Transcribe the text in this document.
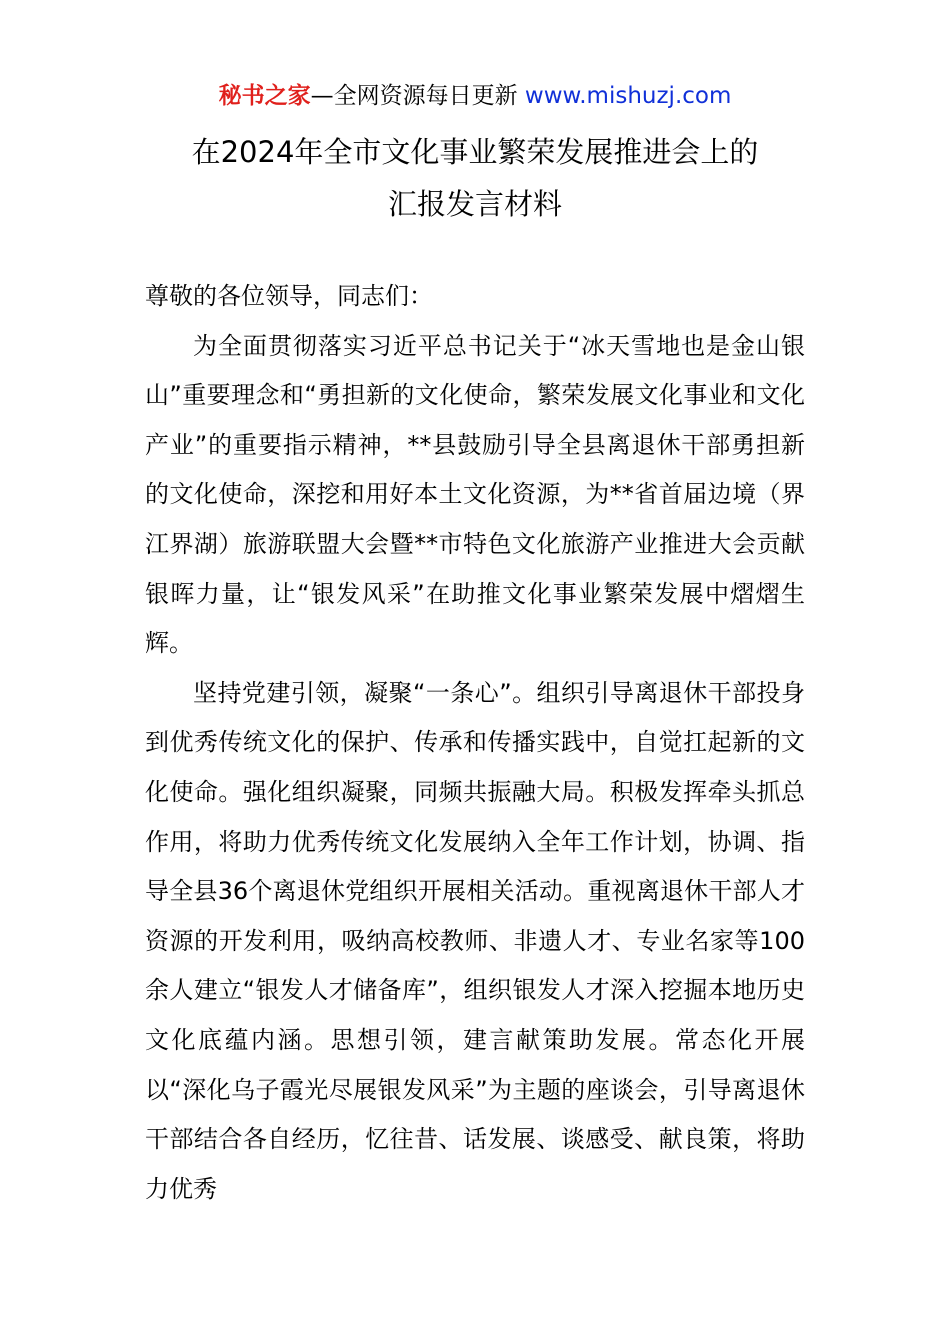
秘书之家—全网资源每日更新 www.mishuzj.com
在2024年全市文化事业繁荣发展推进会上的
汇报发言材料

尊敬的各位领导，同志们：

为全面贯彻落实习近平总书记关于“冰天雪地也是金山银山”重要理念和“勇担新的文化使命，繁荣发展文化事业和文化产业”的重要指示精神，**县鼓励引导全县离退休干部勇担新的文化使命，深挖和用好本土文化资源，为**省首届边境（界江界湖）旅游联盟大会暨**市特色文化旅游产业推进大会贡献银晖力量，让“银发风采”在助推文化事业繁荣发展中熠熠生辉。

坚持党建引领，凝聚“一条心”。组织引导离退休干部投身到优秀传统文化的保护、传承和传播实践中，自觉扛起新的文化使命。强化组织凝聚，同频共振融大局。积极发挥牵头抓总作用，将助力优秀传统文化发展纳入全年工作计划，协调、指导全县36个离退休党组织开展相关活动。重视离退休干部人才资源的开发利用，吸纳高校教师、非遗人才、专业名家等100余人建立“银发人才储备库”，组织银发人才深入挖掘本地历史文化底蕴内涵。思想引领，建言献策助发展。常态化开展以“深化乌子霞光尽展银发风采”为主题的座谈会，引导离退休干部结合各自经历，忆往昔、话发展、谈感受、献良策，将助力优秀
